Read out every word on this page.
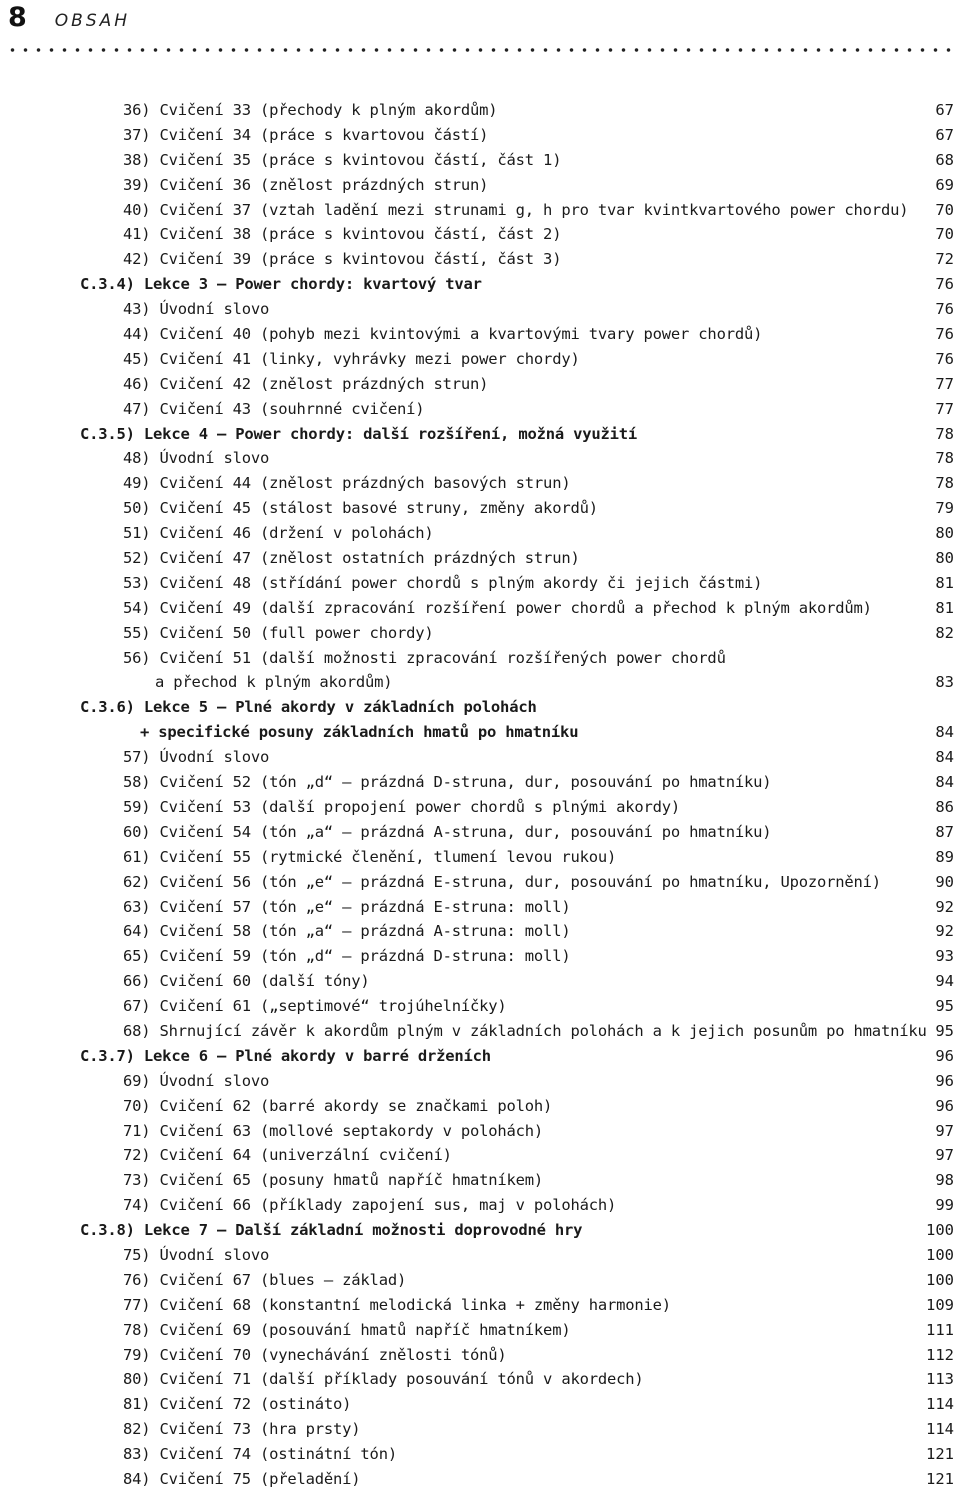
8 OBSAH
36) Cvičení 33 (přechody k plným akordům)	67
37) Cvičení 34 (práce s kvartovou částí)	67
38) Cvičení 35 (práce s kvintovou částí, část 1)	68
39) Cvičení 36 (znělost prázdných strun)	69
40) Cvičení 37 (vztah ladění mezi strunami g, h pro tvar kvintkvartového power chordu) 70
41) Cvičení 38 (práce s kvintovou částí, část 2)	70
42) Cvičení 39 (práce s kvintovou částí, část 3)	72
C.3.4) Lekce 3 – Power chordy: kvartový tvar	76
43) Úvodní slovo	76
44) Cvičení 40 (pohyb mezi kvintovými a kvartovými tvary power chordů)	76
45) Cvičení 41 (linky, vyhrávky mezi power chordy)	76
46) Cvičení 42 (znělost prázdných strun)	77
47) Cvičení 43 (souhrnné cvičení)	77
C.3.5) Lekce 4 – Power chordy: další rozšíření, možná využití	78
48) Úvodní slovo	78
49) Cvičení 44 (znělost prázdných basových strun)	78
50) Cvičení 45 (stálost basové struny, změny akordů)	79
51) Cvičení 46 (držení v polohách)	80
52) Cvičení 47 (znělost ostatních prázdných strun)	80
53) Cvičení 48 (střídání power chordů s plným akordy či jejich částmi)	81
54) Cvičení 49 (další zpracování rozšíření power chordů a přechod k plným akordům)	81
55) Cvičení 50 (full power chordy)	82
56) Cvičení 51 (další možnosti zpracování rozšířených power chordů
a přechod k plným akordům)	83
C.3.6) Lekce 5 – Plné akordy v základních polohách
+ specifické posuny základních hmatů po hmatníku	84
57) Úvodní slovo	84
58) Cvičení 52 (tón „d“ – prázdná D-struna, dur, posouvání po hmatníku)	84
59) Cvičení 53 (další propojení power chordů s plnými akordy)	86
60) Cvičení 54 (tón „a“ – prázdná A-struna, dur, posouvání po hmatníku)	87
61) Cvičení 55 (rytmické členění, tlumení levou rukou)	89
62) Cvičení 56 (tón „e“ – prázdná E-struna, dur, posouvání po hmatníku, Upozornění)	90
63) Cvičení 57 (tón „e“ – prázdná E-struna: moll)	92
64) Cvičení 58 (tón „a“ – prázdná A-struna: moll)	92
65) Cvičení 59 (tón „d“ – prázdná D-struna: moll)	93
66) Cvičení 60 (další tóny)	94
67) Cvičení 61 („septimové“ trojúhelníčky)	95
68) Shrnující závěr k akordům plným v základních polohách a k jejich posunům po hmatníku 95
C.3.7) Lekce 6 – Plné akordy v barré drženích	96
69) Úvodní slovo	96
70) Cvičení 62 (barré akordy se značkami poloh)	96
71) Cvičení 63 (mollové septakordy v polohách)	97
72) Cvičení 64 (univerzální cvičení)	97
73) Cvičení 65 (posuny hmatů napříč hmatníkem)	98
74) Cvičení 66 (příklady zapojení sus, maj v polohách)	99
C.3.8) Lekce 7 – Další základní možnosti doprovodné hry	100
75) Úvodní slovo	100
76) Cvičení 67 (blues – základ)	100
77) Cvičení 68 (konstantní melodická linka + změny harmonie)	109
78) Cvičení 69 (posouvání hmatů napříč hmatníkem)	111
79) Cvičení 70 (vynechávání znělosti tónů)	112
80) Cvičení 71 (další příklady posouvání tónů v akordech)	113
81) Cvičení 72 (ostináto)	114
82) Cvičení 73 (hra prsty)	114
83) Cvičení 74 (ostinátní tón)	121
84) Cvičení 75 (přeladění)	121
